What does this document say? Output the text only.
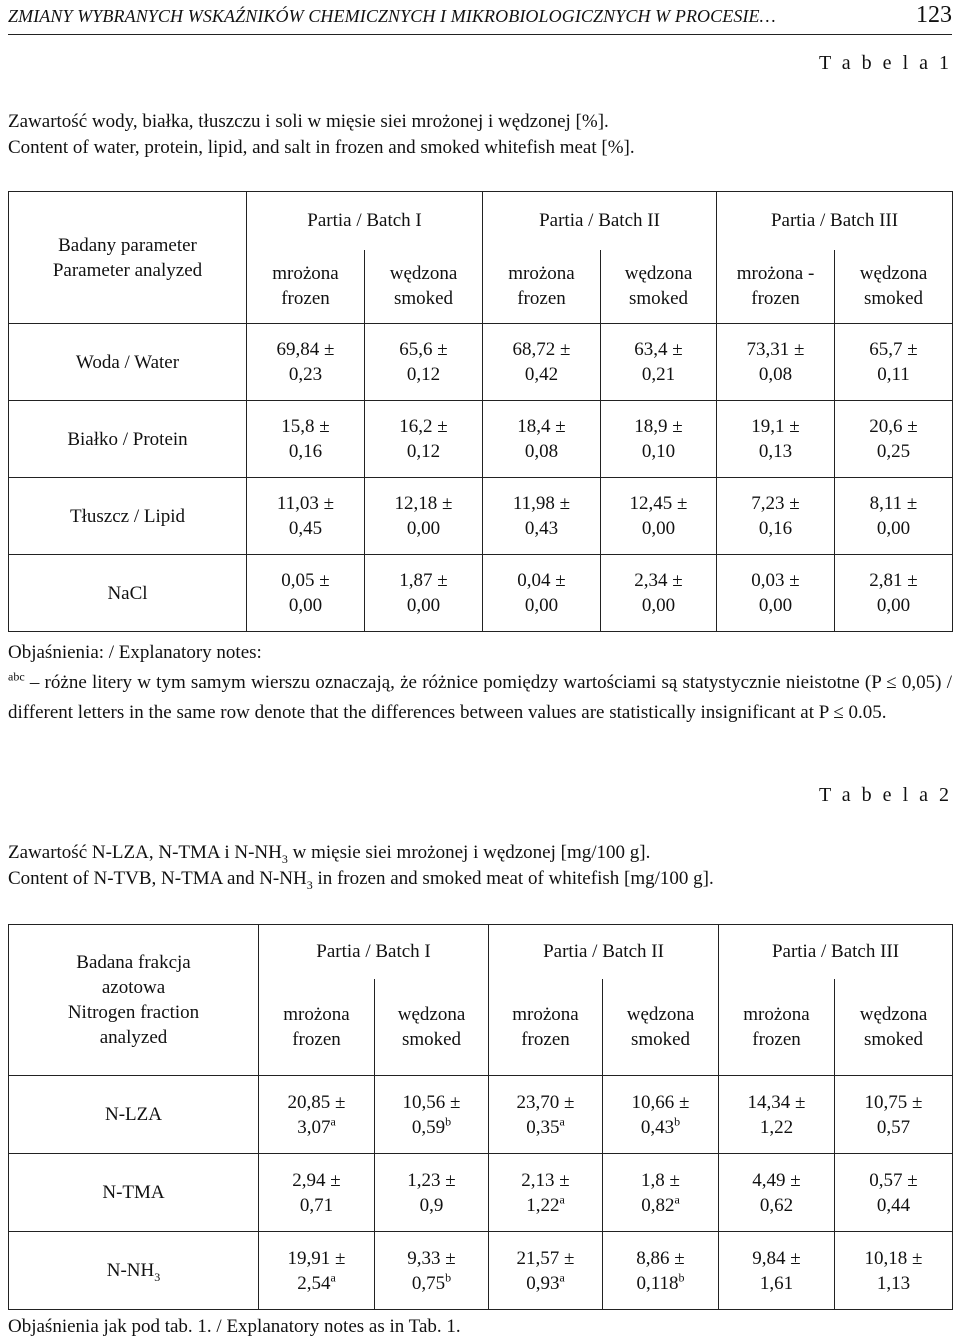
ZMIANY WYBRANYCH WSKAŹNIKÓW CHEMICZNYCH I MIKROBIOLOGICZNYCH W PROCESIE…	123
T a b e l a 1
Zawartość wody, białka, tłuszczu i soli w mięsie siei mrożonej i wędzonej [%].
Content of water, protein, lipid, and salt in frozen and smoked whitefish meat [%].
Badany parameter
Parameter analyzed	Partia / Batch I		Partia / Batch II		Partia / Batch III	

	mrożona
frozen	wędzona
smoked	mrożona
frozen	wędzona
smoked	mrożona -
frozen	wędzona
smoked

Woda / Water	69,84 ±
0,23	65,6 ±
0,12	68,72 ±
0,42	63,4 ±
0,21	73,31 ±
0,08	65,7 ±
0,11

Białko / Protein	15,8 ±
0,16	16,2 ±
0,12	18,4 ±
0,08	18,9 ±
0,10	19,1 ±
0,13	20,6 ±
0,25

Tłuszcz / Lipid	11,03 ±
0,45	12,18 ±
0,00	11,98 ±
0,43	12,45 ±
0,00	7,23 ±
0,16	8,11 ±
0,00

NaCl	0,05 ±
0,00	1,87 ±
0,00	0,04 ±
0,00	2,34 ±
0,00	0,03 ±
0,00	2,81 ±
0,00
Objaśnienia: / Explanatory notes:
$^{abc}$ – różne litery w tym samym wierszu oznaczają, że różnice pomiędzy wartościami są statystycznie nieistotne (P ≤ 0,05) / different letters in the same row denote that the differences between values are statistically insignificant at P ≤ 0.05.
T a b e l a 2
Zawartość N-LZA, N-TMA i $N-NH_3$ w mięsie siei mrożonej i wędzonej [mg/100 g].
Content of N-TVB, N-TMA and $N-NH_3$ in frozen and smoked meat of whitefish [mg/100 g].
Badana frakcja
azotowa
Nitrogen fraction
analyzed	Partia / Batch I		Partia / Batch II		Partia / Batch III	

	mrożona
frozen	wędzona
smoked	mrożona
frozen	wędzona
smoked	mrożona
frozen	wędzona
smoked

N-LZA	20,85 ±
3,07$^a$	10,56 ±
0,59$^b$	23,70 ±
0,35$^a$	10,66 ±
0,43$^b$	14,34 ±
1,22	10,75 ±
0,57

N-TMA	2,94 ±
0,71	1,23 ±
0,9	2,13 ±
1,22$^a$	1,8 ±
0,82$^a$	4,49 ±
0,62	0,57 ±
0,44

$N-NH_3$	19,91 ±
2,54$^a$	9,33 ±
0,75$^b$	21,57 ±
0,93$^a$	8,86 ±
0,118$^b$	9,84 ±
1,61	10,18 ±
1,13
Objaśnienia jak pod tab. 1. / Explanatory notes as in Tab. 1.
